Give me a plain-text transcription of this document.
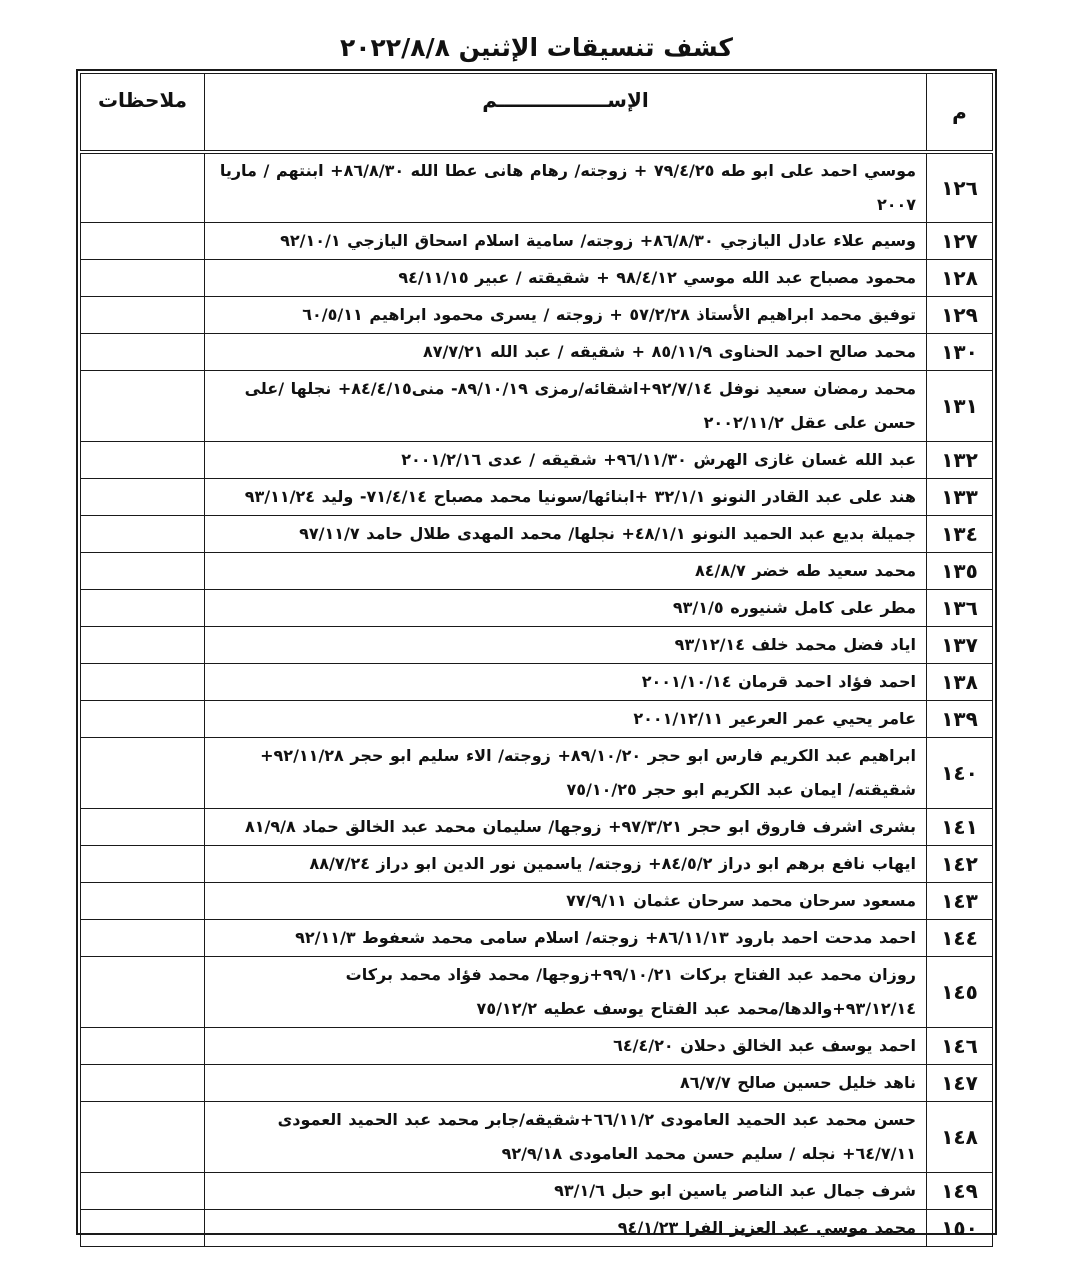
كشف تنسيقات الإثنين ٢٠٢٢/٨/٨
م	الإســــــــــــــــم	ملاحظات
١٢٦	موسي احمد على ابو طه ٧٩/٤/٢٥ + زوجته/ رهام هانى عطا الله ٨٦/٨/٣٠+ ابنتهم / ماريا ٢٠٠٧	
١٢٧	وسيم علاء عادل اليازجي ٨٦/٨/٣٠+ زوجته/ سامية اسلام اسحاق اليازجي ٩٢/١٠/١	
١٢٨	محمود مصباح عبد الله موسي ٩٨/٤/١٢ + شقيقته / عبير ٩٤/١١/١٥	
١٢٩	توفيق محمد ابراهيم الأستاذ ٥٧/٢/٢٨ + زوجته / يسرى محمود ابراهيم ٦٠/٥/١١	
١٣٠	محمد صالح احمد الحناوى ٨٥/١١/٩ + شقيقه / عبد الله ٨٧/٧/٢١	
١٣١	محمد رمضان سعيد نوفل ٩٢/٧/١٤+اشقائه/رمزى ٨٩/١٠/١٩- منى٨٤/٤/١٥+ نجلها /على حسن على عقل ٢٠٠٢/١١/٢	
١٣٢	عبد الله غسان غازى الهرش ٩٦/١١/٣٠+ شقيقه / عدى ٢٠٠١/٢/١٦	
١٣٣	هند على عبد القادر النونو ٣٢/١/١ +ابنائها/سونيا محمد مصباح ٧١/٤/١٤- وليد ٩٣/١١/٢٤	
١٣٤	جميلة بديع عبد الحميد النونو ٤٨/١/١+ نجلها/ محمد المهدى طلال حامد ٩٧/١١/٧	
١٣٥	محمد سعيد طه خضر ٨٤/٨/٧	
١٣٦	مطر على كامل شنيوره ٩٣/١/٥	
١٣٧	اياد فضل محمد خلف ٩٣/١٢/١٤	
١٣٨	احمد فؤاد احمد قرمان ٢٠٠١/١٠/١٤	
١٣٩	عامر يحيي عمر العرعير ٢٠٠١/١٢/١١	
١٤٠	ابراهيم عبد الكريم فارس ابو حجر ٨٩/١٠/٢٠+ زوجته/ الاء سليم ابو حجر ٩٢/١١/٢٨+ شقيقته/ ايمان عبد الكريم ابو حجر ٧٥/١٠/٢٥	
١٤١	بشرى اشرف فاروق ابو حجر ٩٧/٣/٢١+ زوجها/ سليمان محمد عبد الخالق حماد ٨١/٩/٨	
١٤٢	ايهاب نافع برهم ابو دراز ٨٤/٥/٢+ زوجته/ ياسمين نور الدين ابو دراز ٨٨/٧/٢٤	
١٤٣	مسعود سرحان محمد سرحان عثمان ٧٧/٩/١١	
١٤٤	احمد مدحت احمد بارود ٨٦/١١/١٣+ زوجته/ اسلام سامى محمد شعفوط ٩٢/١١/٣	
١٤٥	روزان محمد عبد الفتاح بركات ٩٩/١٠/٢١+زوجها/ محمد فؤاد محمد بركات ٩٣/١٢/١٤+والدها/محمد عبد الفتاح يوسف عطيه ٧٥/١٢/٢	
١٤٦	احمد يوسف عبد الخالق دحلان ٦٤/٤/٢٠	
١٤٧	ناهد خليل حسين صالح ٨٦/٧/٧	
١٤٨	حسن محمد عبد الحميد العامودى ٦٦/١١/٢+شقيقه/جابر محمد عبد الحميد العمودى ٦٤/٧/١١+ نجله / سليم حسن محمد العامودى ٩٢/٩/١٨	
١٤٩	شرف جمال عبد الناصر ياسين ابو حبل ٩٣/١/٦	
١٥٠	محمد موسي عبد العزيز الفرا ٩٤/١/٢٣	
